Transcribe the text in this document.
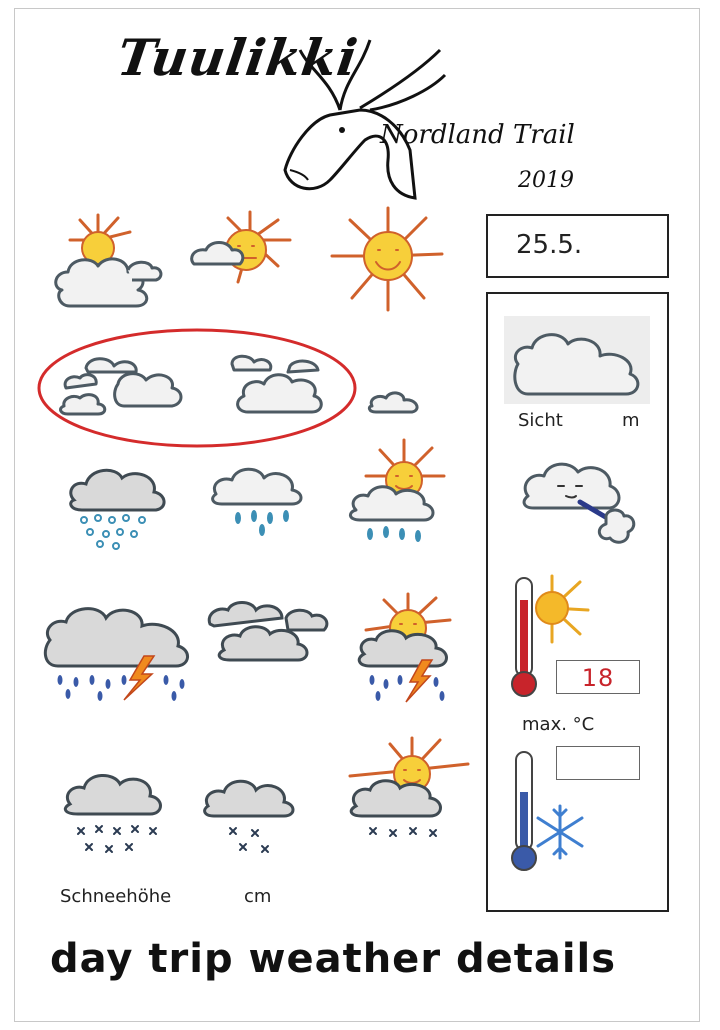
Tuulikki
Nordland Trail
2019
25.5.
Schneehöhe	cm
Sicht	m
18
max. °C
day trip weather details
